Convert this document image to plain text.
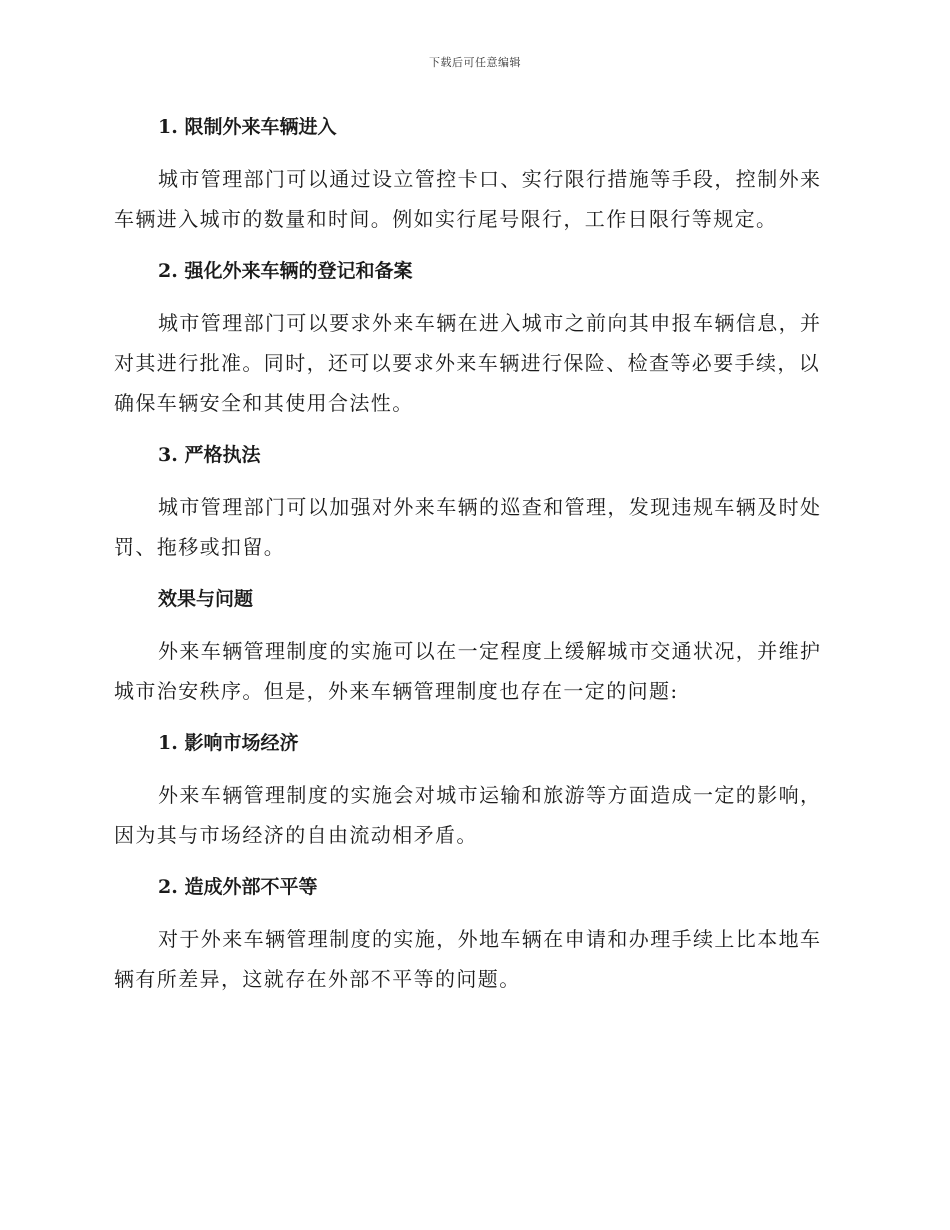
下载后可任意编辑
1. 限制外来车辆进入

城市管理部门可以通过设立管控卡口、实行限行措施等手段，控制外来
车辆进入城市的数量和时间。例如实行尾号限行，工作日限行等规定。

2. 强化外来车辆的登记和备案

城市管理部门可以要求外来车辆在进入城市之前向其申报车辆信息，并
对其进行批准。同时，还可以要求外来车辆进行保险、检查等必要手续，以
确保车辆安全和其使用合法性。

3. 严格执法

城市管理部门可以加强对外来车辆的巡查和管理，发现违规车辆及时处
罚、拖移或扣留。

效果与问题

外来车辆管理制度的实施可以在一定程度上缓解城市交通状况，并维护
城市治安秩序。但是，外来车辆管理制度也存在一定的问题:

1. 影响市场经济

外来车辆管理制度的实施会对城市运输和旅游等方面造成一定的影响，
因为其与市场经济的自由流动相矛盾。

2. 造成外部不平等

对于外来车辆管理制度的实施，外地车辆在申请和办理手续上比本地车
辆有所差异，这就存在外部不平等的问题。
